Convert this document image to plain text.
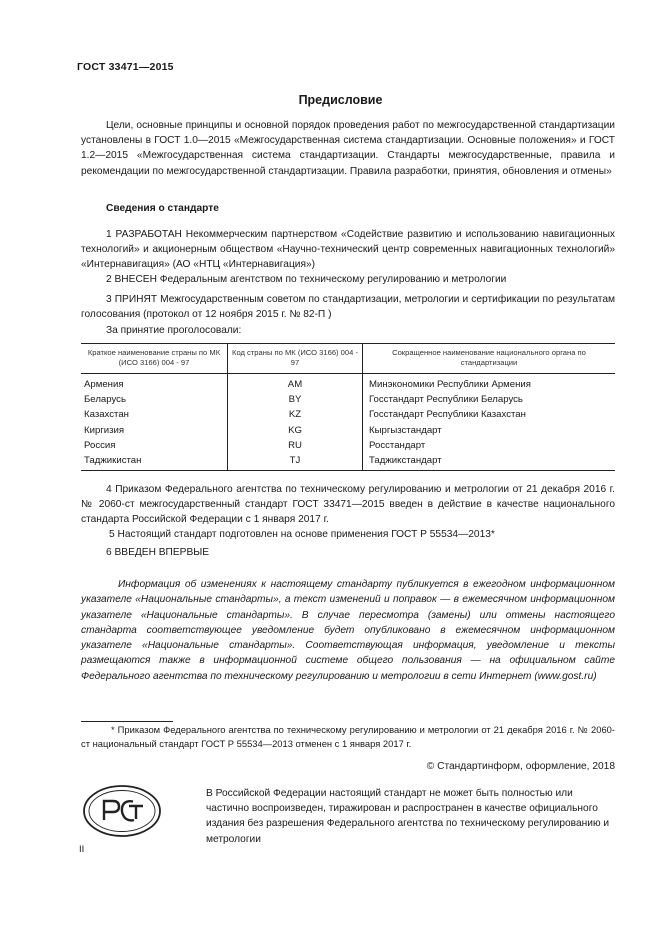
ГОСТ 33471—2015
Предисловие
Цели, основные принципы и основной порядок проведения работ по межгосударственной стандартизации установлены в ГОСТ 1.0—2015 «Межгосударственная система стандартизации. Основные положения» и ГОСТ 1.2—2015 «Межгосударственная система стандартизации. Стандарты межгосударственные, правила и рекомендации по межгосударственной стандартизации. Правила разработки, принятия, обновления и отмены»
Сведения о стандарте
1 РАЗРАБОТАН Некоммерческим партнерством «Содействие развитию и использованию навигационных технологий» и акционерным обществом «Научно-технический центр современных навигационных технологий» «Интернавигация» (АО «НТЦ «Интернавигация»)
2 ВНЕСЕН Федеральным агентством по техническому регулированию и метрологии
3 ПРИНЯТ Межгосударственным советом по стандартизации, метрологии и сертификации по результатам голосования (протокол от 12 ноября 2015 г. № 82-П )
За принятие проголосовали:
Краткое наименование страны по МК (ИСО 3166) 004 - 97	Код страны по МК (ИСО 3166) 004 - 97	Сокращенное наименование национального органа по стандартизации
Армения	AM	Минэкономики Республики Армения
Беларусь	BY	Госстандарт Республики Беларусь
Казахстан	KZ	Госстандарт Республики Казахстан
Киргизия	KG	Кыргызстандарт
Россия	RU	Росстандарт
Таджикистан	TJ	Таджикстандарт
4 Приказом Федерального агентства по техническому регулированию и метрологии от 21 декабря 2016 г. № 2060-ст межгосударственный стандарт ГОСТ 33471—2015 введен в действие в качестве национального стандарта Российской Федерации с 1 января 2017 г.
5 Настоящий стандарт подготовлен на основе применения ГОСТ Р 55534—2013*
6 ВВЕДЕН ВПЕРВЫЕ
Информация об изменениях к настоящему стандарту публикуется в ежегодном информационном указателе «Национальные стандарты», а текст изменений и поправок — в ежемесячном информационном указателе «Национальные стандарты». В случае пересмотра (замены) или отмены настоящего стандарта соответствующее уведомление будет опубликовано в ежемесячном информационном указателе «Национальные стандарты». Соответствующая информация, уведомление и тексты размещаются также в информационной системе общего пользования — на официальном сайте Федерального агентства по техническому регулированию и метрологии в сети Интернет (www.gost.ru)
* Приказом Федерального агентства по техническому регулированию и метрологии от 21 декабря 2016 г. № 2060-ст национальный стандарт ГОСТ Р 55534—2013 отменен с 1 января 2017 г.
© Стандартинформ, оформление, 2018
В Российской Федерации настоящий стандарт не может быть полностью или частично воспроизведен, тиражирован и распространен в качестве официального издания без разрешения Федерального агентства по техническому регулированию и метрологии
II
